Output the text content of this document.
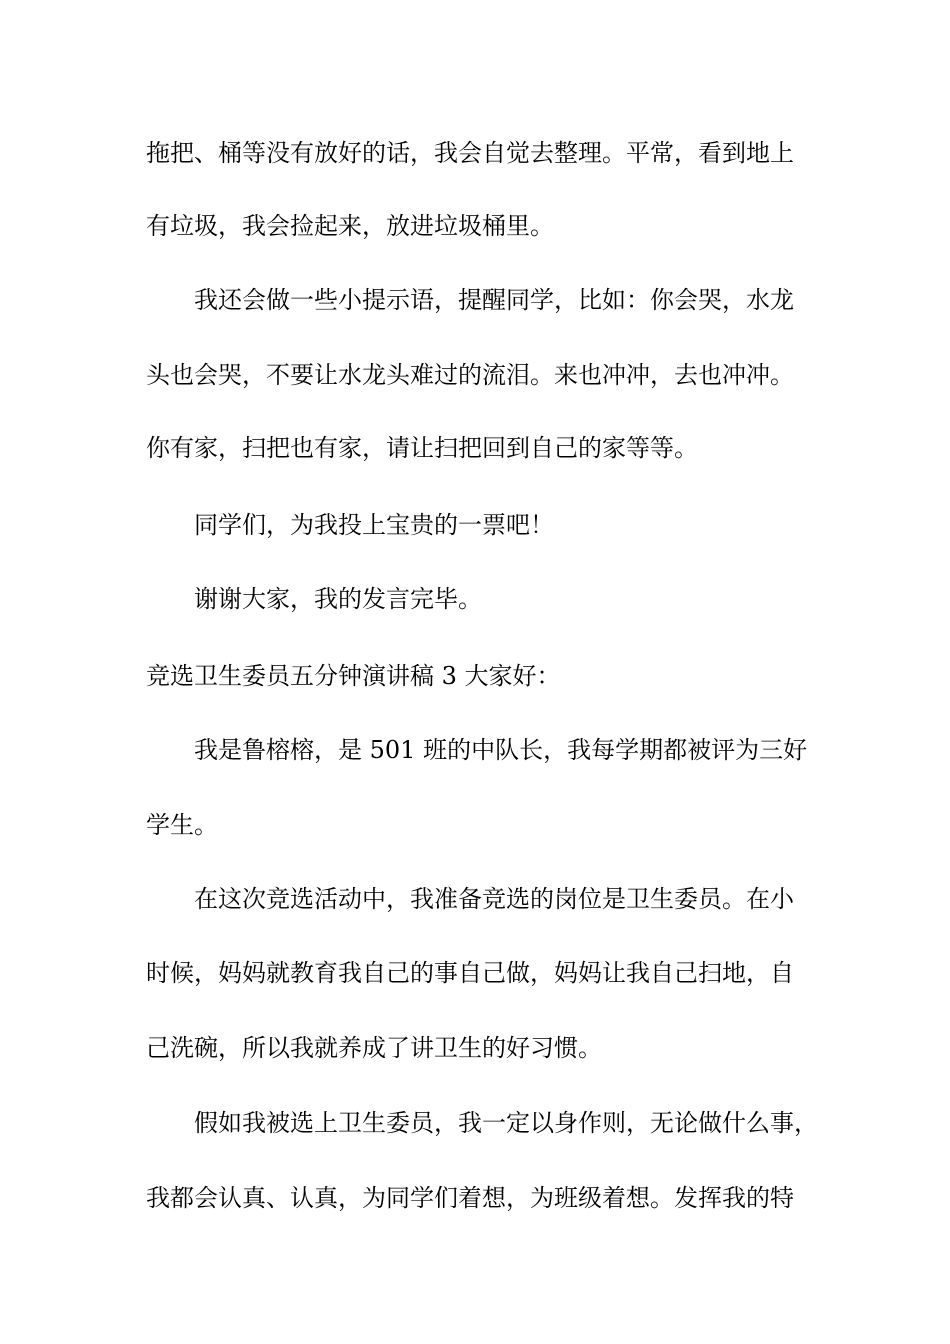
拖把、桶等没有放好的话，我会自觉去整理。平常，看到地上
有垃圾，我会捡起来，放进垃圾桶里。
我还会做一些小提示语，提醒同学，比如：你会哭，水龙
头也会哭，不要让水龙头难过的流泪。来也冲冲，去也冲冲。
你有家，扫把也有家，请让扫把回到自己的家等等。
同学们，为我投上宝贵的一票吧！
谢谢大家，我的发言完毕。
竞选卫生委员五分钟演讲稿 3 大家好：
我是鲁榕榕，是 501 班的中队长，我每学期都被评为三好
学生。
在这次竞选活动中，我准备竞选的岗位是卫生委员。在小
时候，妈妈就教育我自己的事自己做，妈妈让我自己扫地，自
己洗碗，所以我就养成了讲卫生的好习惯。
假如我被选上卫生委员，我一定以身作则，无论做什么事，
我都会认真、认真，为同学们着想，为班级着想。发挥我的特
